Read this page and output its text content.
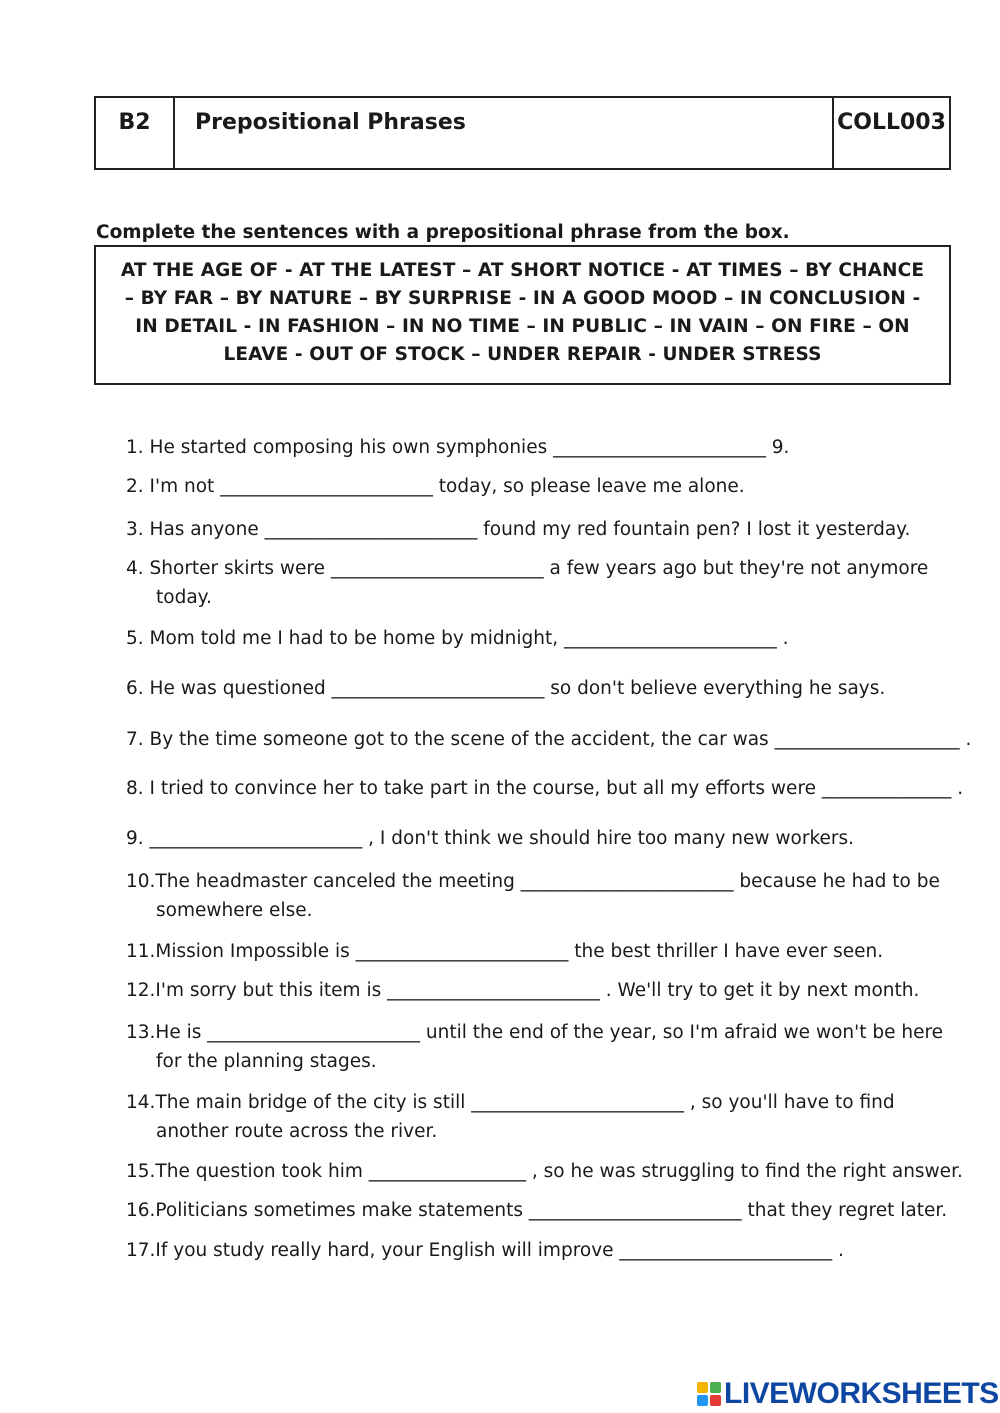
B2	Prepositional Phrases	COLL003
Complete the sentences with a prepositional phrase from the box.
AT THE AGE OF - AT THE LATEST – AT SHORT NOTICE - AT TIMES – BY CHANCE – BY FAR – BY NATURE – BY SURPRISE - IN A GOOD MOOD – IN CONCLUSION - IN DETAIL - IN FASHION – IN NO TIME – IN PUBLIC – IN VAIN – ON FIRE – ON LEAVE - OUT OF STOCK – UNDER REPAIR - UNDER STRESS
1. He started composing his own symphonies _______________________ 9.
2. I'm not _______________________ today, so please leave me alone.
3. Has anyone _______________________ found my red fountain pen? I lost it yesterday.
4. Shorter skirts were _______________________ a few years ago but they're not anymore
today.
5. Mom told me I had to be home by midnight, _______________________ .
6. He was questioned _______________________ so don't believe everything he says.
7. By the time someone got to the scene of the accident, the car was ____________________ .
8. I tried to convince her to take part in the course, but all my efforts were ______________ .
9. _______________________ , I don't think we should hire too many new workers.
10.The headmaster canceled the meeting _______________________ because he had to be
somewhere else.
11.Mission Impossible is _______________________ the best thriller I have ever seen.
12.I'm sorry but this item is _______________________ . We'll try to get it by next month.
13.He is _______________________ until the end of the year, so I'm afraid we won't be here
for the planning stages.
14.The main bridge of the city is still _______________________ , so you'll have to find
another route across the river.
15.The question took him _________________ , so he was struggling to find the right answer.
16.Politicians sometimes make statements _______________________ that they regret later.
17.If you study really hard, your English will improve _______________________ .
LIVEWORKSHEETS
